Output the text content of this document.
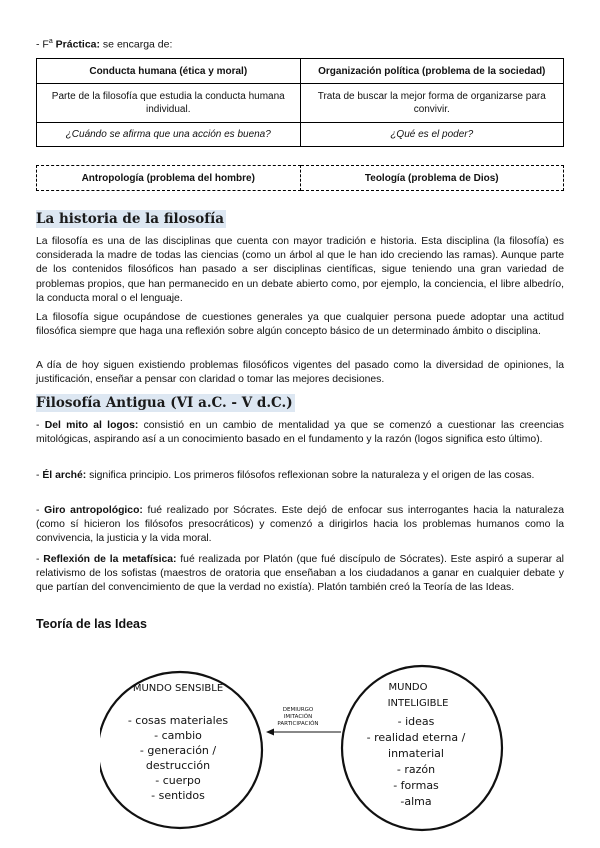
- $F^a$ Práctica: se encarga de:
Conducta humana (ética y moral)	Organización política (problema de la sociedad)
Parte de la filosofía que estudia la conducta humana individual.	Trata de buscar la mejor forma de organizarse para convivir.
¿Cuándo se afirma que una acción es buena?	¿Qué es el poder?
Antropología (problema del hombre)	Teología (problema de Dios)
La historia de la filosofía

La filosofía es una de las disciplinas que cuenta con mayor tradición e historia. Esta disciplina (la filosofía) es considerada la madre de todas las ciencias (como un árbol al que le han ido creciendo las ramas). Aunque parte de los contenidos filosóficos han pasado a ser disciplinas científicas, sigue teniendo una gran variedad de problemas propios, que han permanecido en un debate abierto como, por ejemplo, la conciencia, el libre albedrío, la conducta moral o el lenguaje.

La filosofía sigue ocupándose de cuestiones generales ya que cualquier persona puede adoptar una actitud filosófica siempre que haga una reflexión sobre algún concepto básico de un determinado ámbito o disciplina.

A día de hoy siguen existiendo problemas filosóficos vigentes del pasado como la diversidad de opiniones, la justificación, enseñar a pensar con claridad o tomar las mejores decisiones.

Filosofía Antigua (VI a.C. - V d.C.)

- Del mito al logos: consistió en un cambio de mentalidad ya que se comenzó a cuestionar las creencias mitológicas, aspirando así a un conocimiento basado en el fundamento y la razón (logos significa esto último).

- Él arché: significa principio. Los primeros filósofos reflexionan sobre la naturaleza y el origen de las cosas.

- Giro antropológico: fué realizado por Sócrates. Este dejó de enfocar sus interrogantes hacia la naturaleza (como sí hicieron los filósofos presocráticos) y comenzó a dirigirlos hacia los problemas humanos como la convivencia, la justicia y la vida moral.

- Reflexión de la metafísica: fué realizada por Platón (que fué discípulo de Sócrates). Este aspiró a superar al relativismo de los sofistas (maestros de oratoria que enseñaban a los ciudadanos a ganar en cualquier debate y que partían del convencimiento de que la verdad no existía). Platón también creó la Teoría de las Ideas.

Teoría de las Ideas
DEMIURGO
IMITACIÓN
PARTICIPACIÓN
MUNDO SENSIBLE
- cosas materiales
- cambio
- generación /
destrucción
- cuerpo
- sentidos
MUNDO
INTELIGIBLE
- ideas
- realidad eterna /
inmaterial
- razón
- formas
-alma
